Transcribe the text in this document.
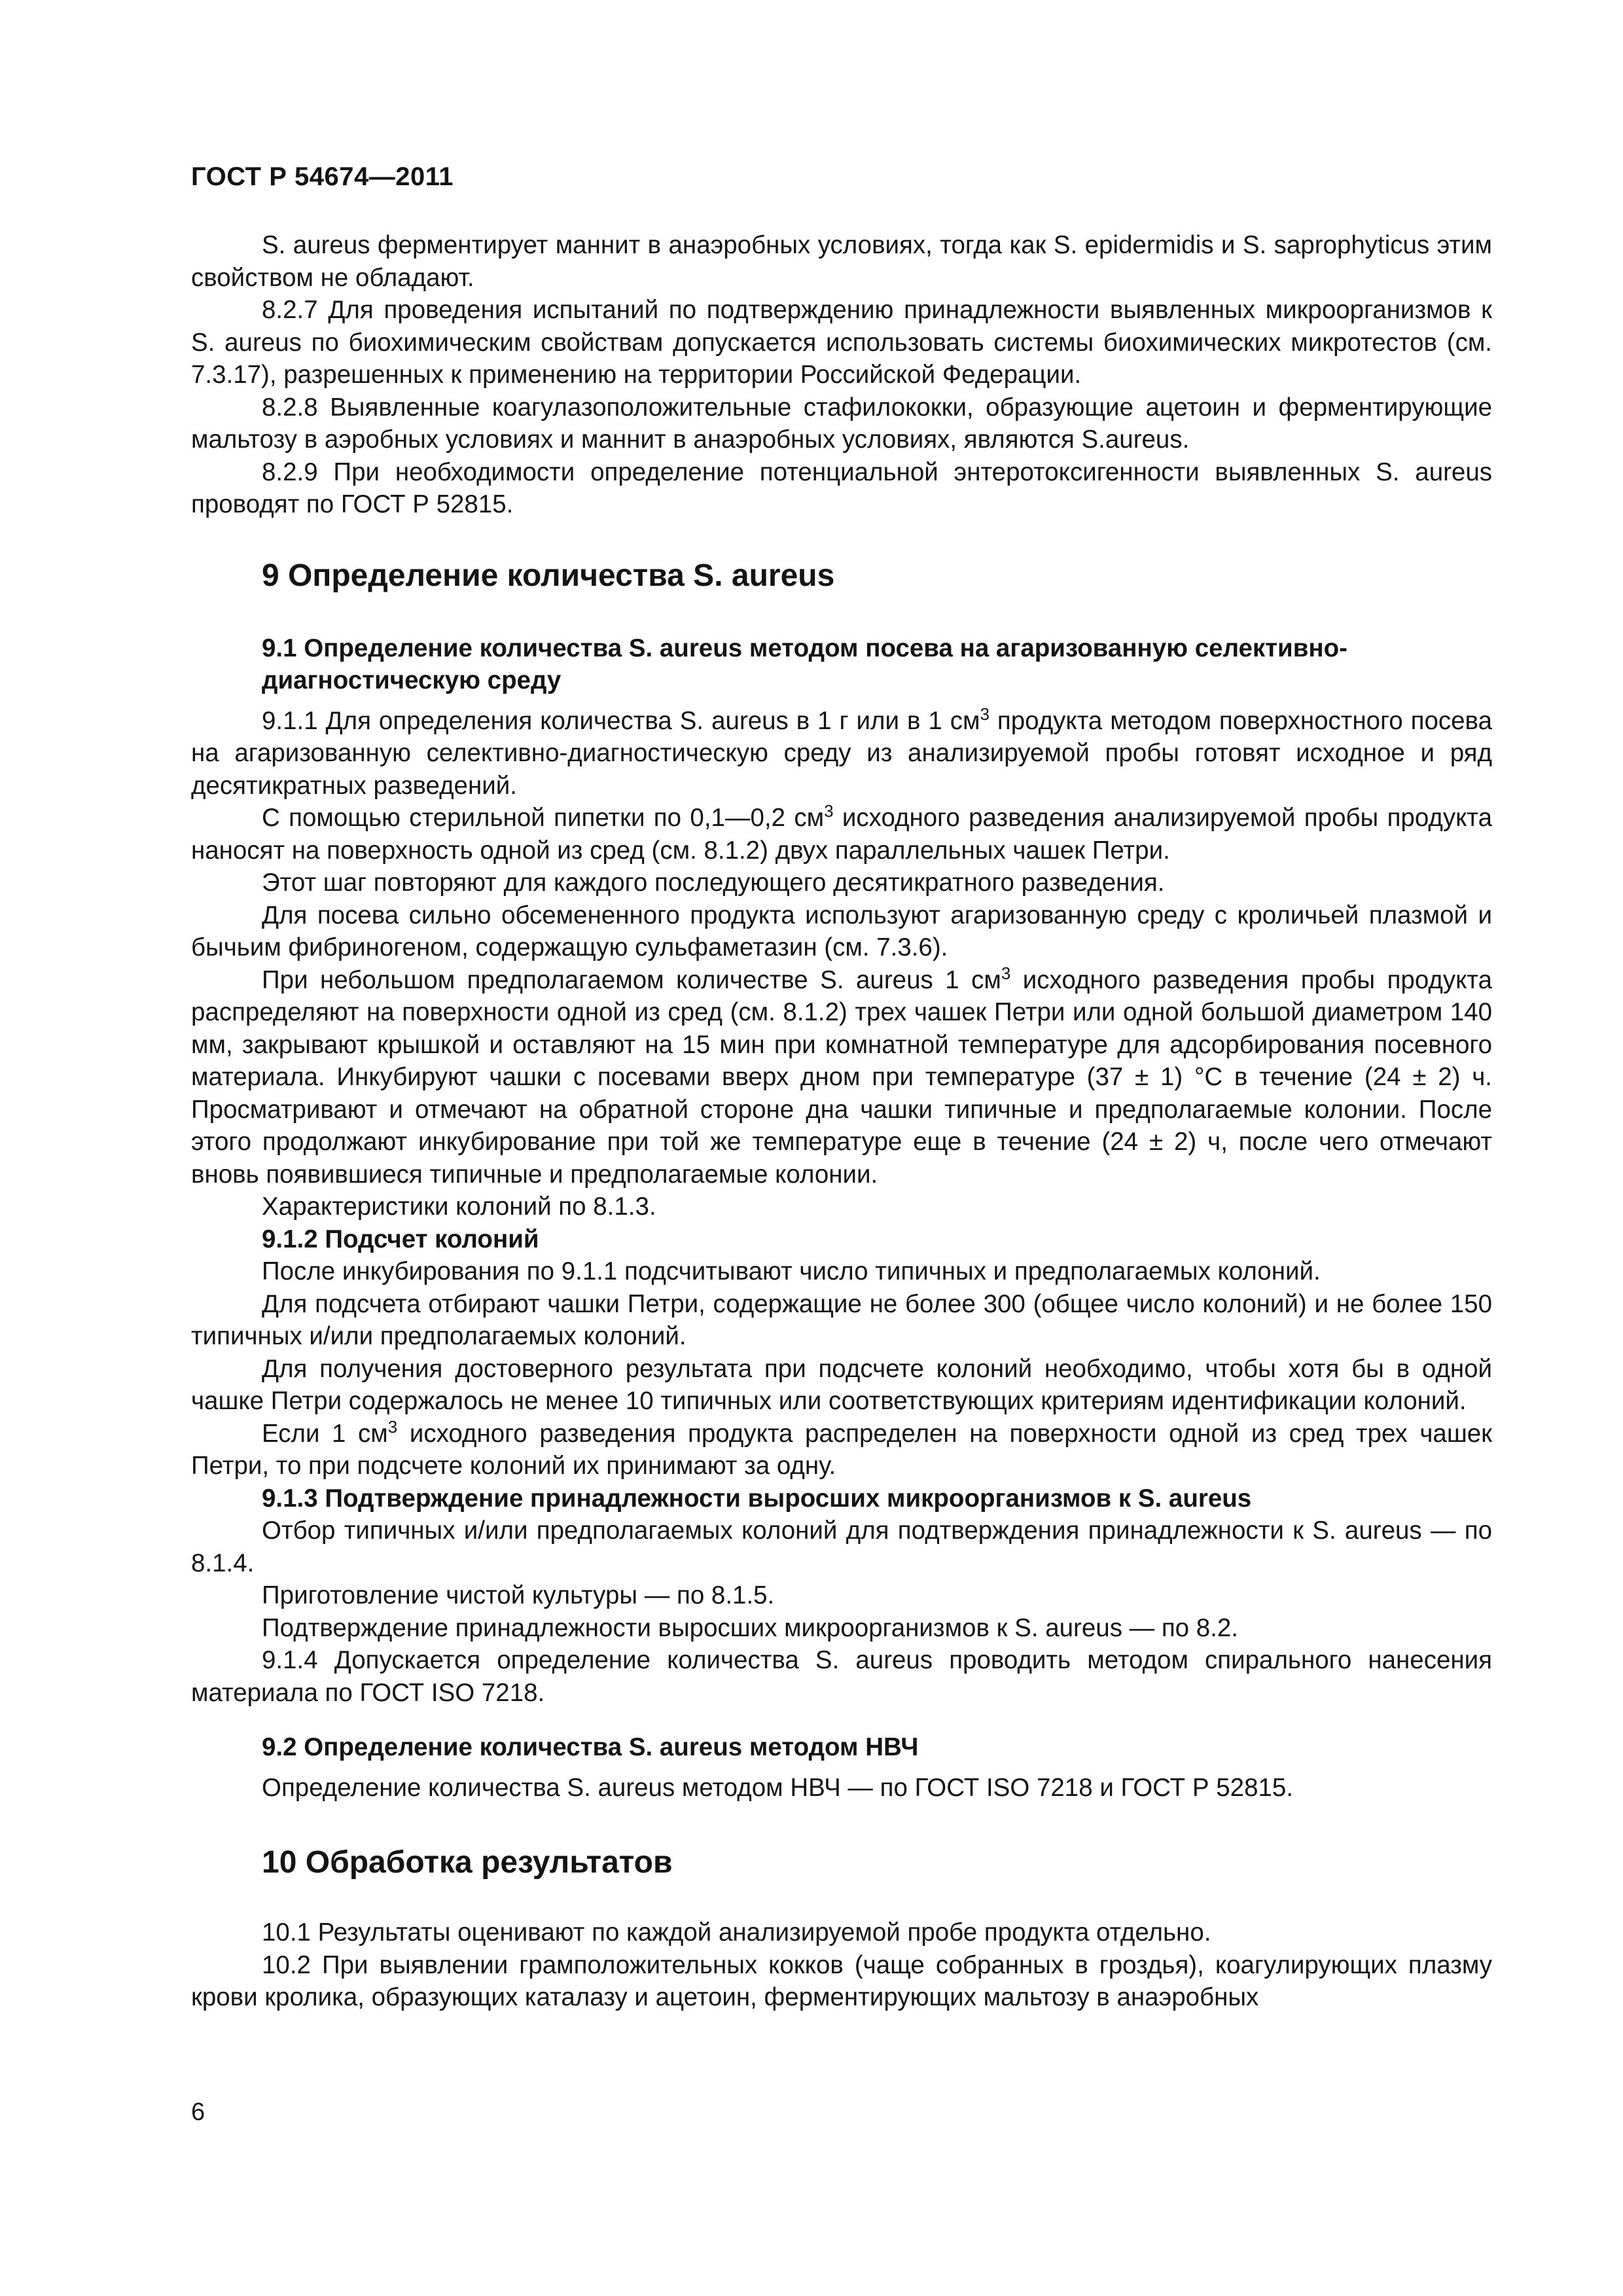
ГОСТ Р 54674—2011

S. aureus ферментирует маннит в анаэробных условиях, тогда как S. epidermidis и S. saprophyticus этим свойством не обладают.

8.2.7 Для проведения испытаний по подтверждению принадлежности выявленных микроорганизмов к S. aureus по биохимическим свойствам допускается использовать системы биохимических микротестов (см. 7.3.17), разрешенных к применению на территории Российской Федерации.

8.2.8 Выявленные коагулазоположительные стафилококки, образующие ацетоин и ферментирующие мальтозу в аэробных условиях и маннит в анаэробных условиях, являются S.aureus.

8.2.9 При необходимости определение потенциальной энтеротоксигенности выявленных S. aureus проводят по ГОСТ Р 52815.

9 Определение количества S. aureus
9.1 Определение количества S. aureus методом посева на агаризованную селективно-диагностическую среду

9.1.1 Для определения количества S. aureus в 1 г или в 1 $см^3$ продукта методом поверхностного посева на агаризованную селективно-диагностическую среду из анализируемой пробы готовят исходное и ряд десятикратных разведений.

С помощью стерильной пипетки по 0,1—0,2 $см^3$ исходного разведения анализируемой пробы продукта наносят на поверхность одной из сред (см. 8.1.2) двух параллельных чашек Петри.

Этот шаг повторяют для каждого последующего десятикратного разведения.

Для посева сильно обсемененного продукта используют агаризованную среду с кроличьей плазмой и бычьим фибриногеном, содержащую сульфаметазин (см. 7.3.6).

При небольшом предполагаемом количестве S. aureus 1 $см^3$ исходного разведения пробы продукта распределяют на поверхности одной из сред (см. 8.1.2) трех чашек Петри или одной большой диаметром 140 мм, закрывают крышкой и оставляют на 15 мин при комнатной температуре для адсорбирования посевного материала. Инкубируют чашки с посевами вверх дном при температуре (37 ± 1) °C в течение (24 ± 2) ч. Просматривают и отмечают на обратной стороне дна чашки типичные и предполагаемые колонии. После этого продолжают инкубирование при той же температуре еще в течение (24 ± 2) ч, после чего отмечают вновь появившиеся типичные и предполагаемые колонии.

Характеристики колоний по 8.1.3.

9.1.2 Подсчет колоний

После инкубирования по 9.1.1 подсчитывают число типичных и предполагаемых колоний.

Для подсчета отбирают чашки Петри, содержащие не более 300 (общее число колоний) и не более 150 типичных и/или предполагаемых колоний.

Для получения достоверного результата при подсчете колоний необходимо, чтобы хотя бы в одной чашке Петри содержалось не менее 10 типичных или соответствующих критериям идентификации колоний.

Если 1 $см^3$ исходного разведения продукта распределен на поверхности одной из сред трех чашек Петри, то при подсчете колоний их принимают за одну.

9.1.3 Подтверждение принадлежности выросших микроорганизмов к S. aureus

Отбор типичных и/или предполагаемых колоний для подтверждения принадлежности к S. aureus — по 8.1.4.

Приготовление чистой культуры — по 8.1.5.

Подтверждение принадлежности выросших микроорганизмов к S. aureus — по 8.2.

9.1.4 Допускается определение количества S. aureus проводить методом спирального нанесения материала по ГОСТ ISO 7218.

9.2 Определение количества S. aureus методом НВЧ

Определение количества S. aureus методом НВЧ — по ГОСТ ISO 7218 и ГОСТ Р 52815.

10 Обработка результатов

10.1 Результаты оценивают по каждой анализируемой пробе продукта отдельно.

10.2 При выявлении грамположительных кокков (чаще собранных в гроздья), коагулирующих плазму крови кролика, образующих каталазу и ацетоин, ферментирующих мальтозу в анаэробных

6
